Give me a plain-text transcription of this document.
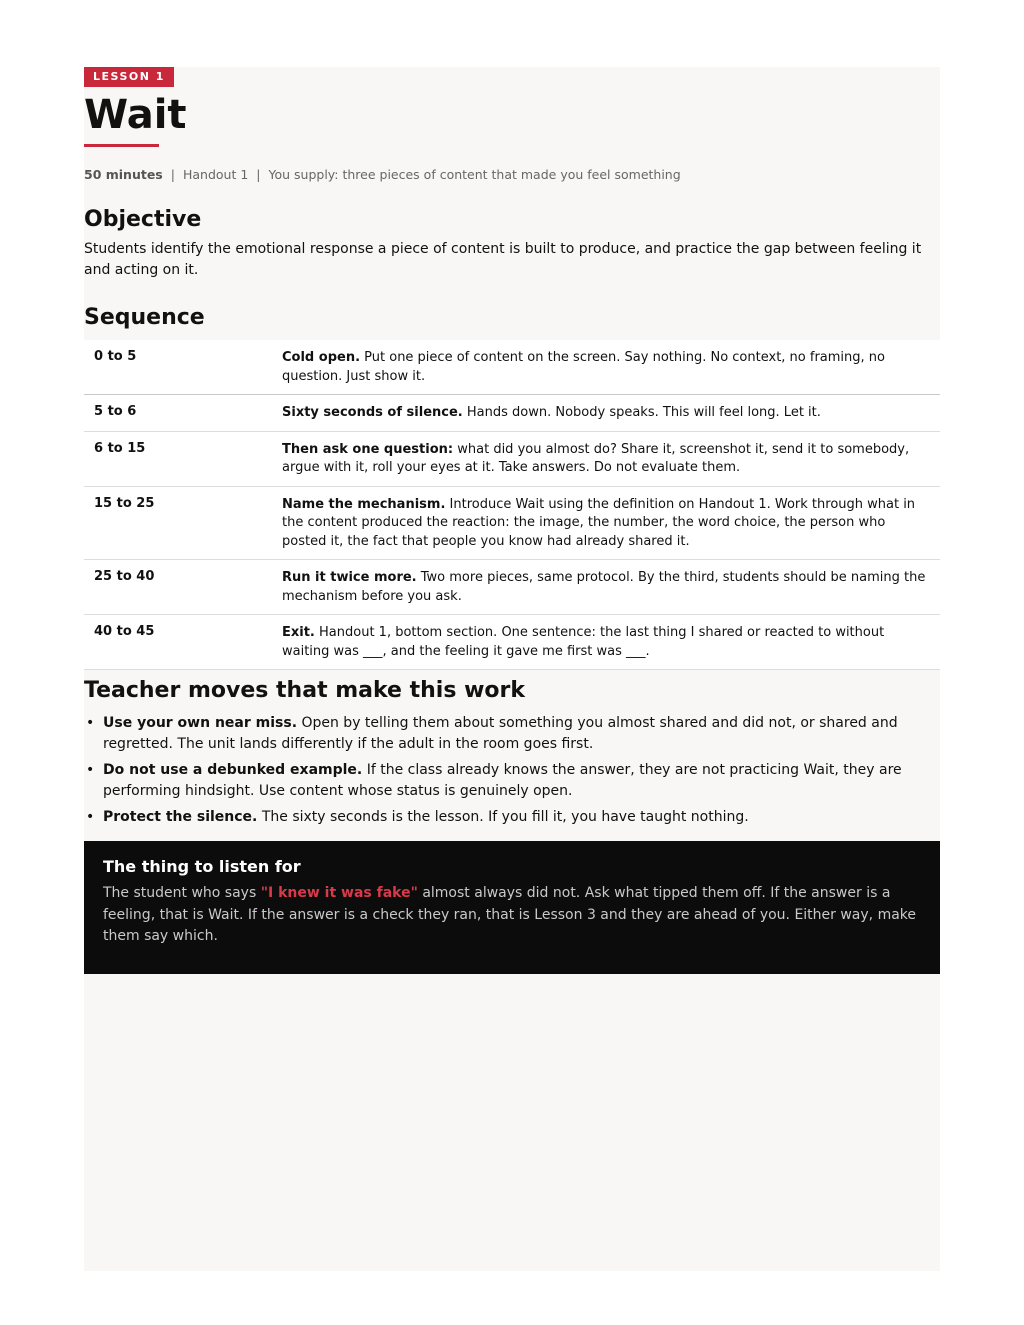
LESSON 1
Wait
50 minutes | Handout 1 | You supply: three pieces of content that made you feel something
Objective
Students identify the emotional response a piece of content is built to produce, and practice the gap between feeling it and acting on it.
Sequence
0 to 5	Cold open. Put one piece of content on the screen. Say nothing. No context, no framing, no question. Just show it.
5 to 6	Sixty seconds of silence. Hands down. Nobody speaks. This will feel long. Let it.
6 to 15	Then ask one question: what did you almost do? Share it, screenshot it, send it to somebody, argue with it, roll your eyes at it. Take answers. Do not evaluate them.
15 to 25	Name the mechanism. Introduce Wait using the definition on Handout 1. Work through what in the content produced the reaction: the image, the number, the word choice, the person who posted it, the fact that people you know had already shared it.
25 to 40	Run it twice more. Two more pieces, same protocol. By the third, students should be naming the mechanism before you ask.
40 to 45	Exit. Handout 1, bottom section. One sentence: the last thing I shared or reacted to without waiting was ___, and the feeling it gave me first was ___.
Teacher moves that make this work
• Use your own near miss. Open by telling them about something you almost shared and did not, or shared and regretted. The unit lands differently if the adult in the room goes first.
• Do not use a debunked example. If the class already knows the answer, they are not practicing Wait, they are performing hindsight. Use content whose status is genuinely open.
• Protect the silence. The sixty seconds is the lesson. If you fill it, you have taught nothing.
The thing to listen for
The student who says "I knew it was fake" almost always did not. Ask what tipped them off. If the answer is a feeling, that is Wait. If the answer is a check they ran, that is Lesson 3 and they are ahead of you. Either way, make them say which.
